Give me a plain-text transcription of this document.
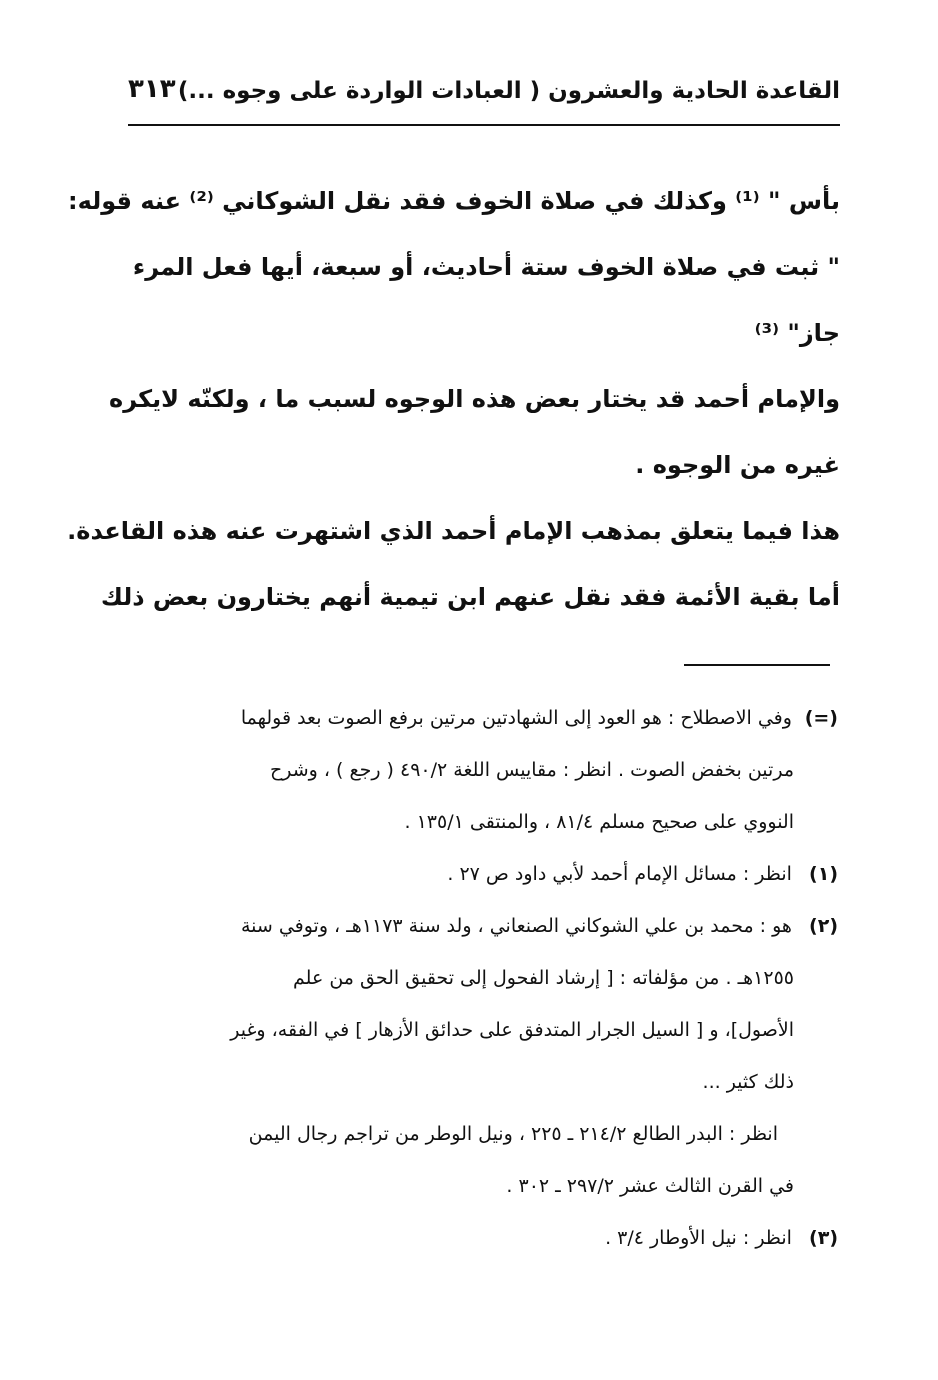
القاعدة الحادية والعشرون ( العبادات الواردة على وجوه ...)
٣١٣
بأس " ⁽¹⁾ وكذلك في صلاة الخوف فقد نقل الشوكاني ⁽²⁾ عنه قوله:
" ثبت في صلاة الخوف ستة أحاديث، أو سبعة، أيها فعل المرء
جاز" ⁽³⁾
والإمام أحمد قد يختار بعض هذه الوجوه لسبب ما ، ولكنّه لايكره
غيره من الوجوه .
هذا فيما يتعلق بمذهب الإمام أحمد الذي اشتهرت عنه هذه القاعدة.
أما بقية الأئمة فقد نقل عنهم ابن تيمية أنهم يختارون بعض ذلك
(=) وفي الاصطلاح : هو العود إلى الشهادتين مرتين برفع الصوت بعد قولهما
مرتين بخفض الصوت . انظر : مقاييس اللغة ٤٩٠/٢ ( رجع ) ، وشرح
النووي على صحيح مسلم ٨١/٤ ، والمنتقى ١٣٥/١ .
(١) انظر : مسائل الإمام أحمد لأبي داود ص ٢٧ .
(٢) هو : محمد بن علي الشوكاني الصنعاني ، ولد سنة ١١٧٣هـ ، وتوفي سنة
١٢٥٥هـ . من مؤلفاته : [ إرشاد الفحول إلى تحقيق الحق من علم
الأصول]، و [ السيل الجرار المتدفق على حدائق الأزهار ] في الفقه، وغير
ذلك كثير ...
انظر : البدر الطالع ٢١٤/٢ ـ ٢٢٥ ، ونيل الوطر من تراجم رجال اليمن
في القرن الثالث عشر ٢٩٧/٢ ـ ٣٠٢ .
(٣) انظر : نيل الأوطار ٣/٤ .
